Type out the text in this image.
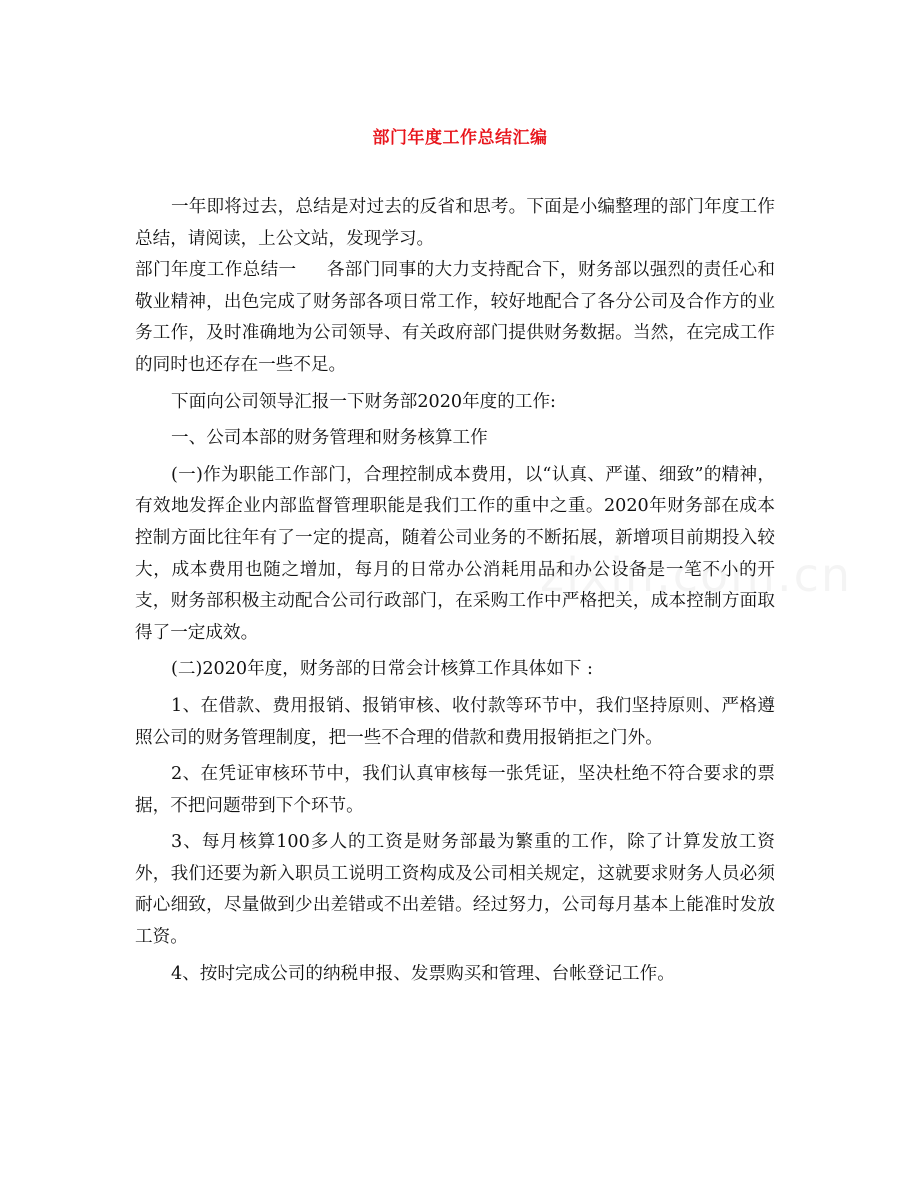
部门年度工作总结汇编

一年即将过去，总结是对过去的反省和思考。下面是小编整理的部门年度工作总结，请阅读，上公文站，发现学习。

部门年度工作总结一 各部门同事的大力支持配合下，财务部以强烈的责任心和敬业精神，出色完成了财务部各项日常工作，较好地配合了各分公司及合作方的业务工作，及时准确地为公司领导、有关政府部门提供财务数据。当然，在完成工作的同时也还存在一些不足。

下面向公司领导汇报一下财务部2020年度的工作:

一、公司本部的财务管理和财务核算工作

(一)作为职能工作部门，合理控制成本费用，以“认真、严谨、细致”的精神，有效地发挥企业内部监督管理职能是我们工作的重中之重。2020年财务部在成本控制方面比往年有了一定的提高，随着公司业务的不断拓展，新增项目前期投入较大，成本费用也随之增加，每月的日常办公消耗用品和办公设备是一笔不小的开支，财务部积极主动配合公司行政部门，在采购工作中严格把关，成本控制方面取得了一定成效。

(二)2020年度，财务部的日常会计核算工作具体如下 :

1、在借款、费用报销、报销审核、收付款等环节中，我们坚持原则、严格遵照公司的财务管理制度，把一些不合理的借款和费用报销拒之门外。

2、在凭证审核环节中，我们认真审核每一张凭证，坚决杜绝不符合要求的票据，不把问题带到下个环节。

3、每月核算100多人的工资是财务部最为繁重的工作，除了计算发放工资外，我们还要为新入职员工说明工资构成及公司相关规定，这就要求财务人员必须耐心细致，尽量做到少出差错或不出差错。经过努力，公司每月基本上能准时发放工资。

4、按时完成公司的纳税申报、发票购买和管理、台帐登记工作。
